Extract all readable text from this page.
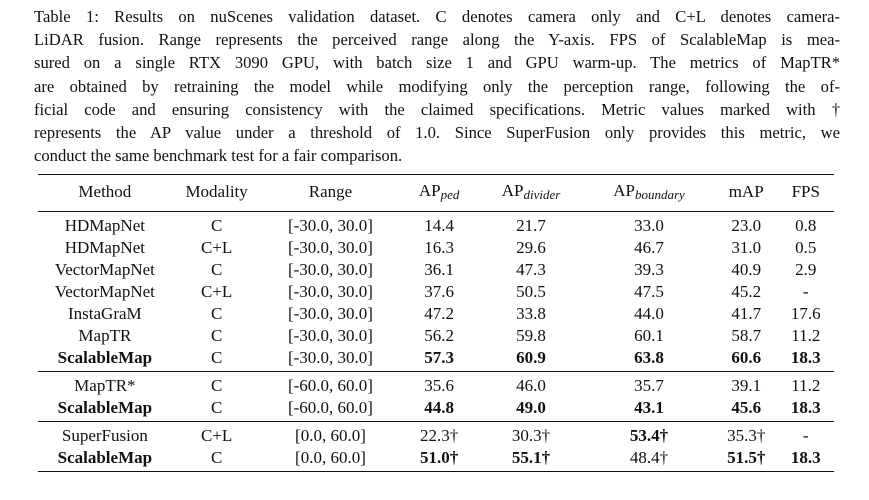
Table 1: Results on nuScenes validation dataset. C denotes camera only and C+L denotes camera-
LiDAR fusion. Range represents the perceived range along the Y-axis. FPS of ScalableMap is mea-
sured on a single RTX 3090 GPU, with batch size 1 and GPU warm-up. The metrics of MapTR*
are obtained by retraining the model while modifying only the perception range, following the of-
ficial code and ensuring consistency with the claimed specifications. Metric values marked with †
represents the AP value under a threshold of 1.0. Since SuperFusion only provides this metric, we
conduct the same benchmark test for a fair comparison.

Method	Modality	Range	$AP_{ped}$	$AP_{divider}$	$AP_{boundary}$	mAP	FPS
HDMapNet	C	[-30.0, 30.0]	14.4	21.7	33.0	23.0	0.8
HDMapNet	C+L	[-30.0, 30.0]	16.3	29.6	46.7	31.0	0.5
VectorMapNet	C	[-30.0, 30.0]	36.1	47.3	39.3	40.9	2.9
VectorMapNet	C+L	[-30.0, 30.0]	37.6	50.5	47.5	45.2	-
InstaGraM	C	[-30.0, 30.0]	47.2	33.8	44.0	41.7	17.6
MapTR	C	[-30.0, 30.0]	56.2	59.8	60.1	58.7	11.2
ScalableMap	C	[-30.0, 30.0]	57.3	60.9	63.8	60.6	18.3
MapTR*	C	[-60.0, 60.0]	35.6	46.0	35.7	39.1	11.2
ScalableMap	C	[-60.0, 60.0]	44.8	49.0	43.1	45.6	18.3
SuperFusion	C+L	[0.0, 60.0]	22.3†	30.3†	53.4†	35.3†	-
ScalableMap	C	[0.0, 60.0]	51.0†	55.1†	48.4†	51.5†	18.3
